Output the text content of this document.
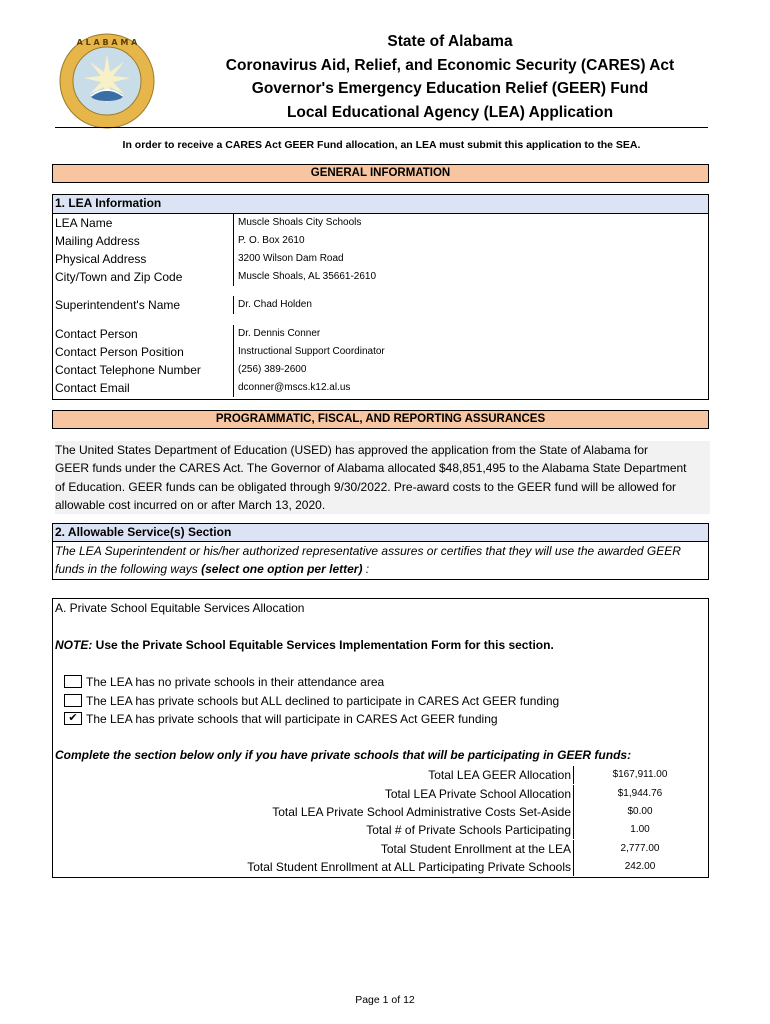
A L A B A M A	State of Alabama
Coronavirus Aid, Relief, and Economic Security (CARES) Act
Governor's Emergency Education Relief (GEER) Fund
Local Educational Agency (LEA) Application
In order to receive a CARES Act GEER Fund allocation, an LEA must submit this application to the SEA.
GENERAL INFORMATION
1. LEA Information
LEA Name	Muscle Shoals City Schools
Mailing Address	P. O. Box 2610
Physical Address	3200 Wilson Dam Road
City/Town and Zip Code	Muscle Shoals, AL 35661-2610
Superintendent's Name	Dr. Chad Holden
Contact Person	Dr. Dennis Conner
Contact Person Position	Instructional Support Coordinator
Contact Telephone Number	(256) 389-2600
Contact Email	dconner@mscs.k12.al.us
PROGRAMMATIC, FISCAL, AND REPORTING ASSURANCES
The United States Department of Education (USED) has approved the application from the State of Alabama for
GEER funds under the CARES Act. The Governor of Alabama allocated $48,851,495 to the Alabama State Department
of Education. GEER funds can be obligated through 9/30/2022. Pre-award costs to the GEER fund will be allowed for
allowable cost incurred on or after March 13, 2020.
2. Allowable Service(s) Section
The LEA Superintendent or his/her authorized representative assures or certifies that they will use the awarded GEER
funds in the following ways (select one option per letter) :
A. Private School Equitable Services Allocation
NOTE: Use the Private School Equitable Services Implementation Form for this section.
The LEA has no private schools in their attendance area
The LEA has private schools but ALL declined to participate in CARES Act GEER funding
✔ The LEA has private schools that will participate in CARES Act GEER funding
Complete the section below only if you have private schools that will be participating in GEER funds:
Total LEA GEER Allocation	$167,911.00
Total LEA Private School Allocation	$1,944.76
Total LEA Private School Administrative Costs Set-Aside	$0.00
Total # of Private Schools Participating	1.00
Total Student Enrollment at the LEA	2,777.00
Total Student Enrollment at ALL Participating Private Schools	242.00
Page 1 of 12
